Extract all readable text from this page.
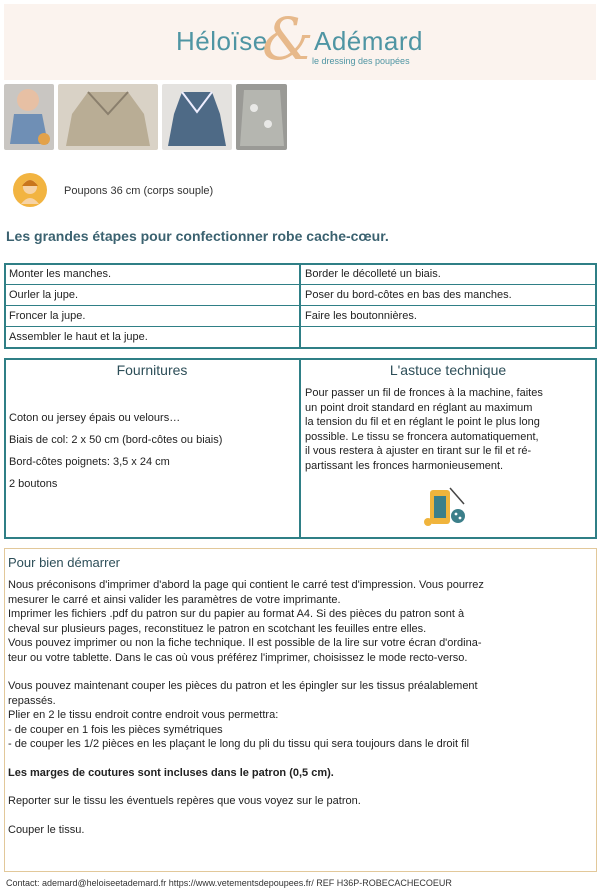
Héloïse
& Adémard
le dressing des poupées
Poupons 36 cm (corps souple)
Les grandes étapes pour confectionner robe cache-cœur.
Monter les manches.
Ourler la jupe.
Froncer la jupe.
Assembler le haut et la jupe.
Border le décolleté un biais.
Poser du bord-côtes en bas des manches.
Faire les boutonnières.
Fournitures
Coton ou jersey épais ou velours…
Biais de col: 2 x 50 cm (bord-côtes ou biais)
Bord-côtes poignets: 3,5 x 24 cm
2 boutons
L'astuce technique
Pour passer un fil de fronces à la machine, faites
un point droit standard en réglant au maximum
la tension du fil et en réglant le point le plus long
possible. Le tissu se froncera automatiquement,
il vous restera à ajuster en tirant sur le fil et ré-
partissant les fronces harmonieusement.
Pour bien démarrer

Nous préconisons d'imprimer d'abord la page qui contient le carré test d'impression. Vous pourrez

mesurer le carré et ainsi valider les paramètres de votre imprimante.

Imprimer les fichiers .pdf du patron sur du papier au format A4. Si des pièces du patron sont à

cheval sur plusieurs pages, reconstituez le patron en scotchant les feuilles entre elles.

Vous pouvez imprimer ou non la fiche technique. Il est possible de la lire sur votre écran d'ordina-

teur ou votre tablette. Dans le cas où vous préférez l'imprimer, choisissez le mode recto-verso.

Vous pouvez maintenant couper les pièces du patron et les épingler sur les tissus préalablement

repassés.

Plier en 2 le tissu endroit contre endroit vous permettra:

- de couper en 1 fois les pièces symétriques

- de couper les 1/2 pièces en les plaçant le long du pli du tissu qui sera toujours dans le droit fil

Les marges de coutures sont incluses dans le patron (0,5 cm).

Reporter sur le tissu les éventuels repères que vous voyez sur le patron.

Couper le tissu.

Contact: ademard@heloiseetademard.fr https://www.vetementsdepoupees.fr/ REF H36P-ROBECACHECOEUR
